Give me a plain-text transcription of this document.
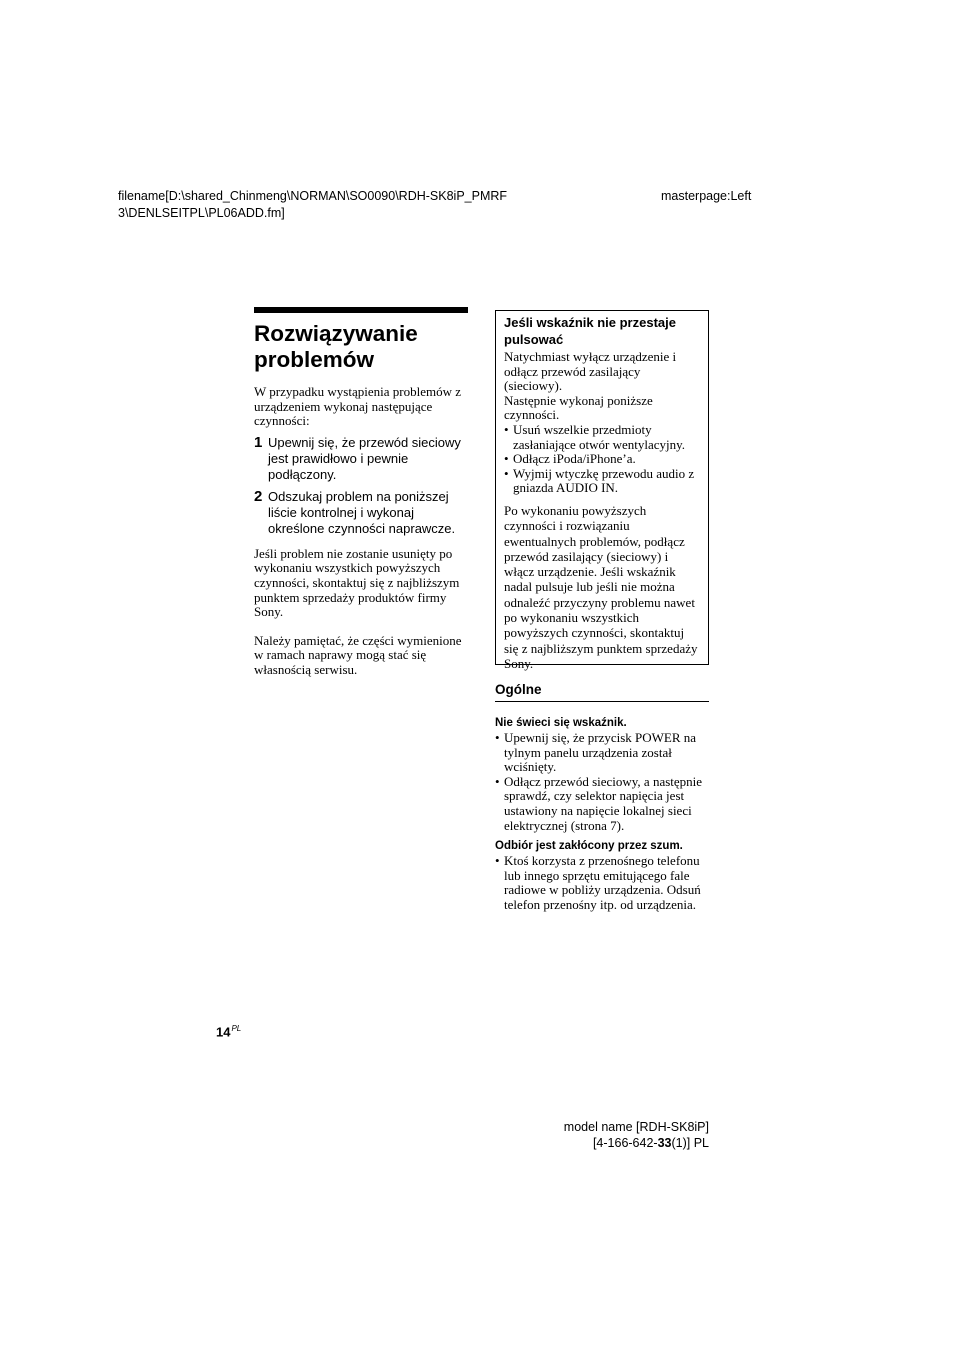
filename[D:\shared_Chinmeng\NORMAN\SO0090\RDH-SK8iP_PMRF 3\DENLSEITPL\PL06ADD.fm]
masterpage:Left
Rozwiązywanie problemów

W przypadku wystąpienia problemów z urządzeniem wykonaj następujące czynności:

1 Upewnij się, że przewód sieciowy jest prawidłowo i pewnie podłączony.
2 Odszukaj problem na poniższej liście kontrolnej i wykonaj określone czynności naprawcze.

Jeśli problem nie zostanie usunięty po wykonaniu wszystkich powyższych czynności, skontaktuj się z najbliższym punktem sprzedaży produktów firmy Sony.

Należy pamiętać, że części wymienione w ramach naprawy mogą stać się własnością serwisu.

Jeśli wskaźnik nie przestaje pulsować

Natychmiast wyłącz urządzenie i odłącz przewód zasilający (sieciowy).

Następnie wykonaj poniższe czynności.

• Usuń wszelkie przedmioty zasłaniające otwór wentylacyjny.
• Odłącz iPoda/iPhone’a.
• Wyjmij wtyczkę przewodu audio z gniazda AUDIO IN.

Po wykonaniu powyższych czynności i rozwiązaniu ewentualnych problemów, podłącz przewód zasilający (sieciowy) i włącz urządzenie. Jeśli wskaźnik nadal pulsuje lub jeśli nie można odnaleźć przyczyny problemu nawet po wykonaniu wszystkich powyższych czynności, skontaktuj się z najbliższym punktem sprzedaży Sony.

Ogólne

Nie świeci się wskaźnik.

• Upewnij się, że przycisk POWER na tylnym panelu urządzenia został wciśnięty.
• Odłącz przewód sieciowy, a następnie sprawdź, czy selektor napięcia jest ustawiony na napięcie lokalnej sieci elektrycznej (strona 7).

Odbiór jest zakłócony przez szum.

• Ktoś korzysta z przenośnego telefonu lub innego sprzętu emitującego fale radiowe w pobliży urządzenia. Odsuń telefon przenośny itp. od urządzenia.
$14^{PL}$
model name [RDH-SK8iP]
[4-166-642-33(1)] PL
